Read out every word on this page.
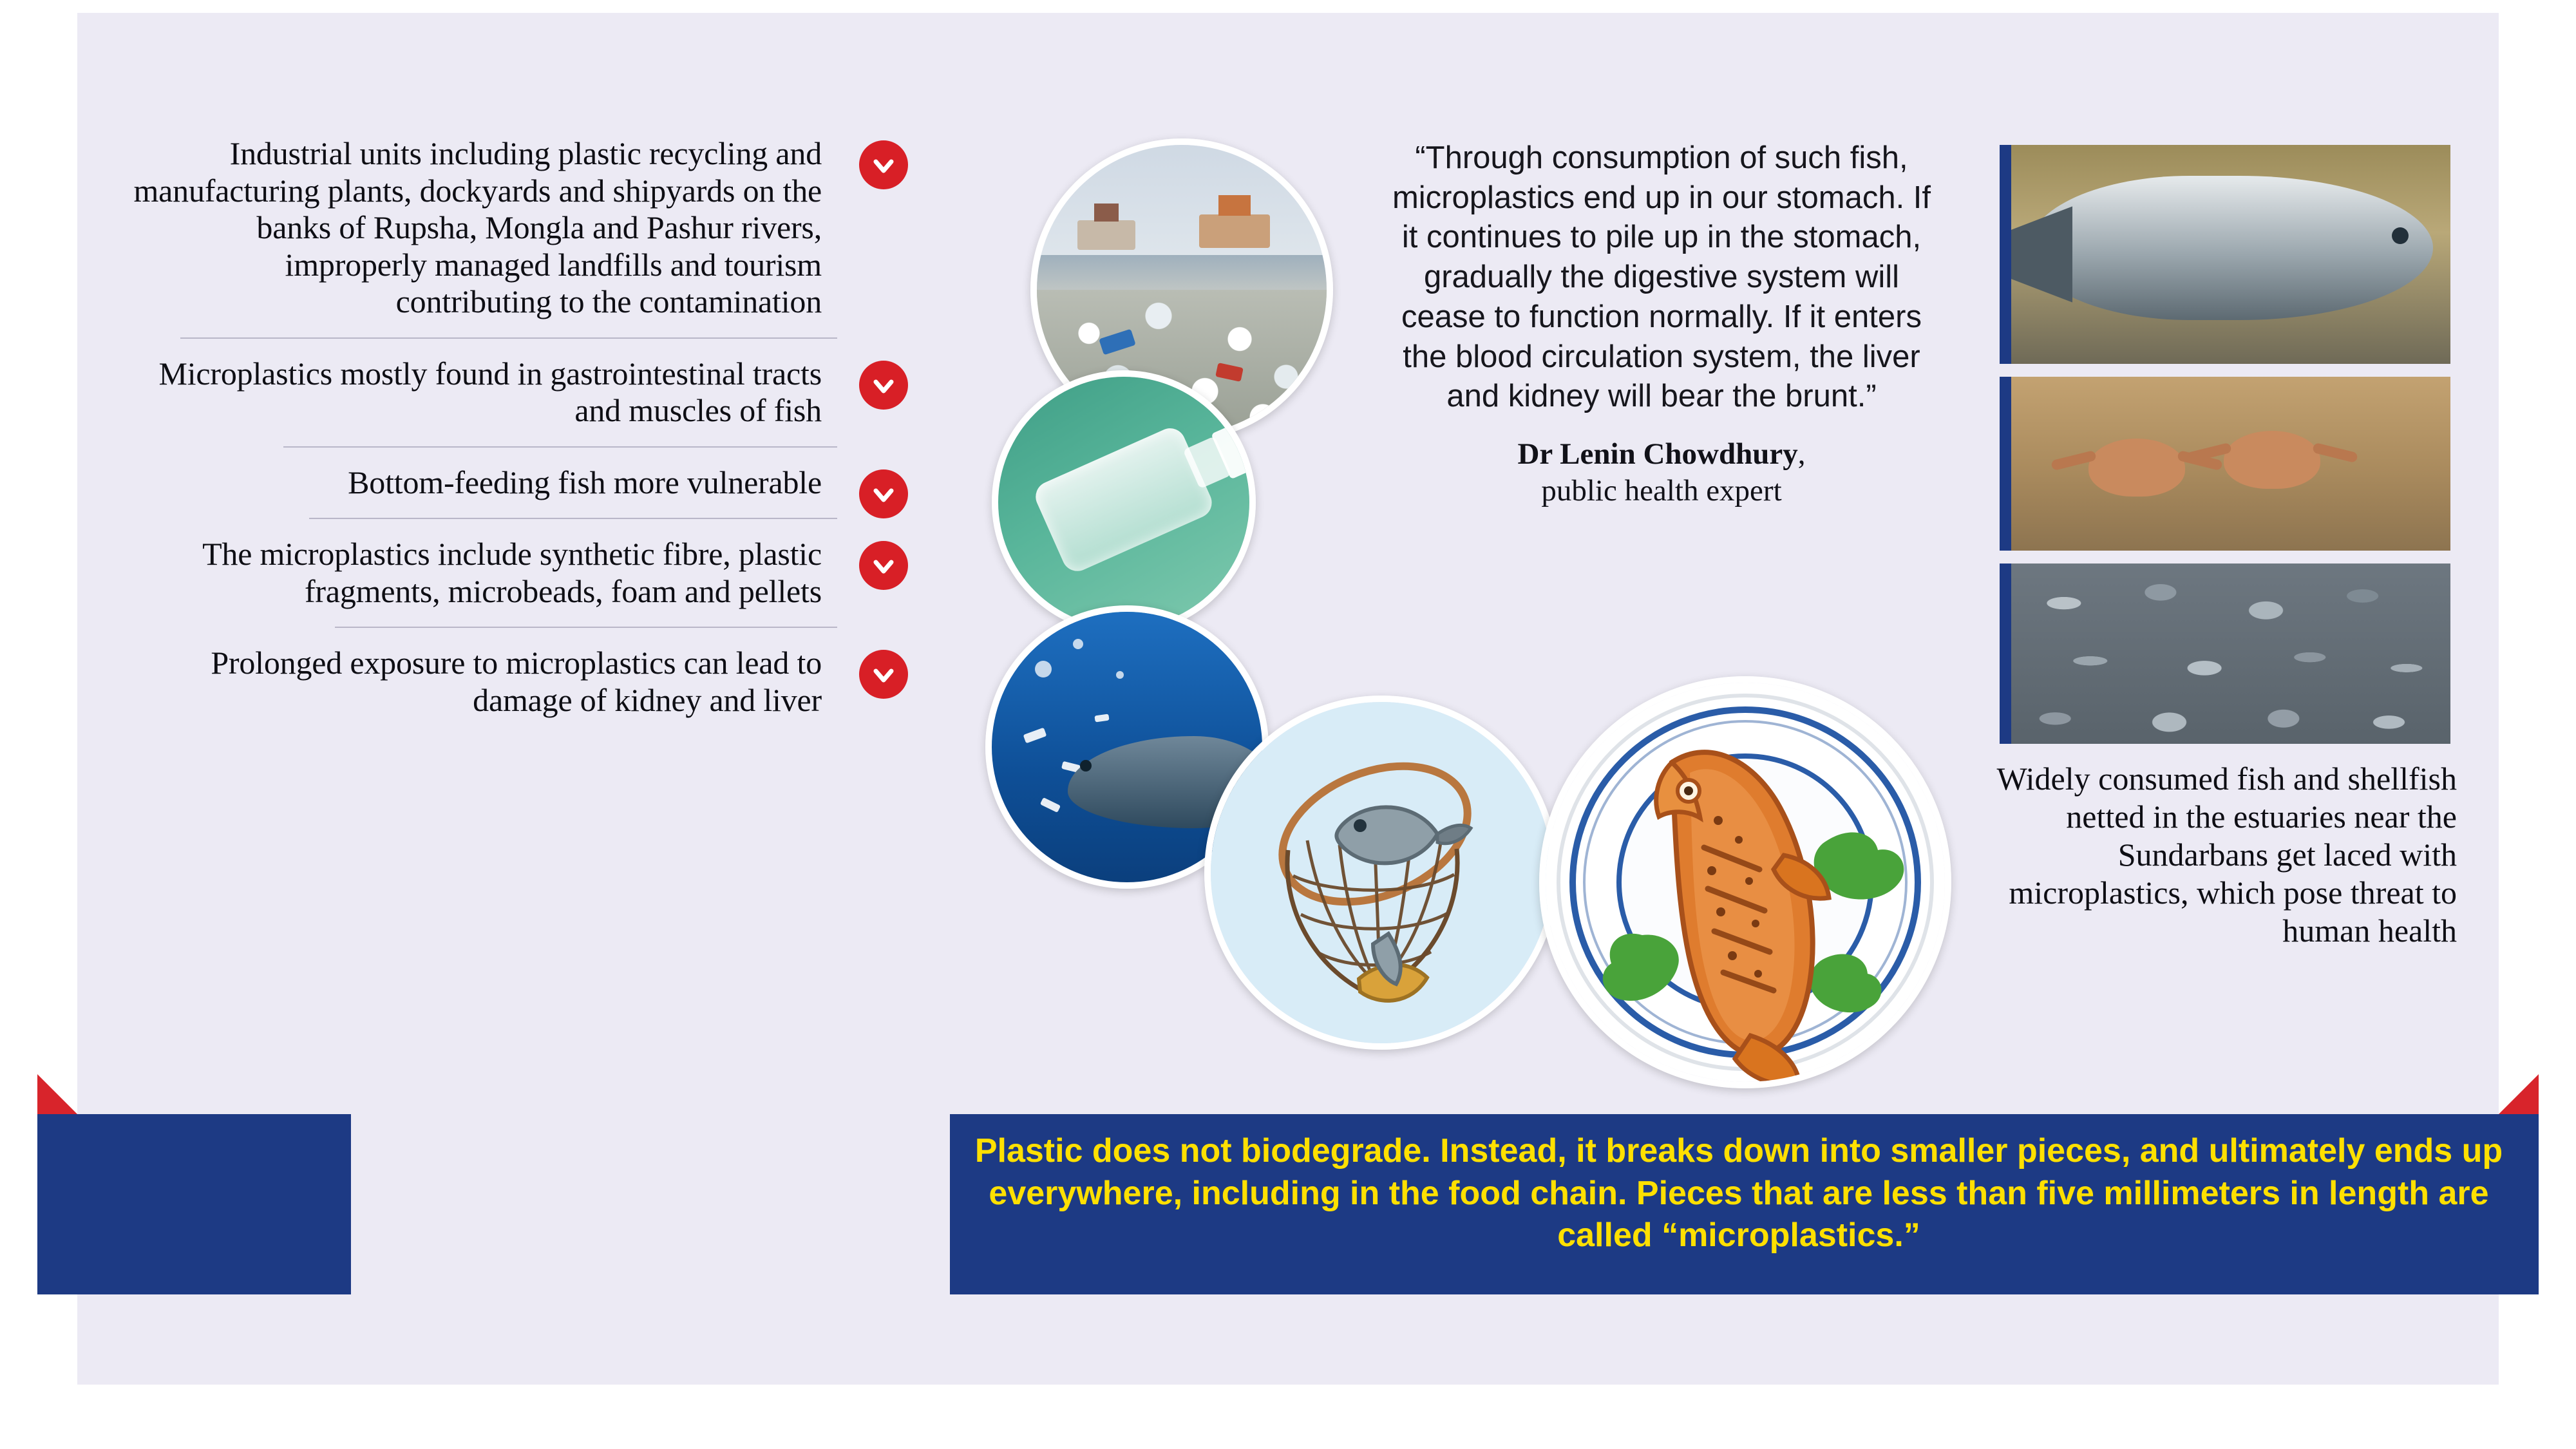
Industrial units including plastic recycling and manufacturing plants, dockyards and shipyards on the banks of Rupsha, Mongla and Pashur rivers, improperly managed landfills and tourism contributing to the contamination
Microplastics mostly found in gastrointestinal tracts and muscles of fish
Bottom-feeding fish more vulnerable
The microplastics include synthetic fibre, plastic fragments, microbeads, foam and pellets
Prolonged exposure to microplastics can lead to damage of kidney and liver
“Through consumption of such fish, microplastics end up in our stomach. If it continues to pile up in the stomach, gradually the digestive system will cease to function normally. If it enters the blood circulation system, the liver and kidney will bear the brunt.”
Dr Lenin Chowdhury,
public health expert
Widely consumed fish and shellfish netted in the estuaries near the Sundarbans get laced with microplastics, which pose threat to human health
Plastic does not biodegrade. Instead, it breaks down into smaller pieces, and ultimately ends up everywhere, including in the food chain. Pieces that are less than five millimeters in length are called “microplastics.”
